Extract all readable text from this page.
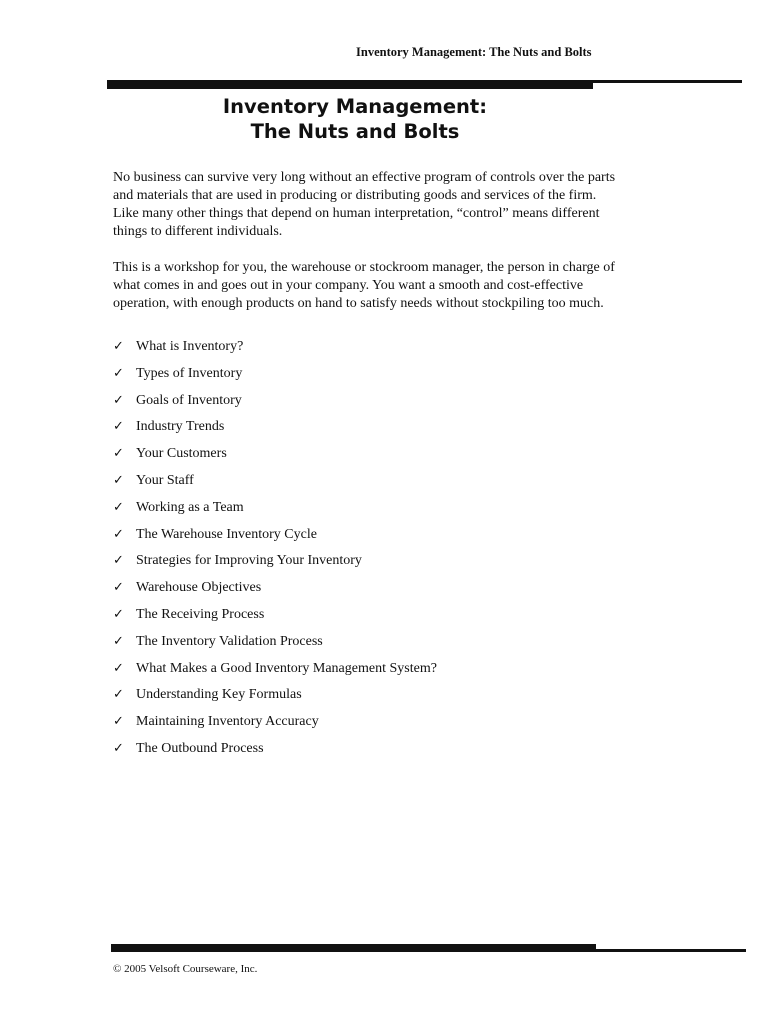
Inventory Management: The Nuts and Bolts
Inventory Management:
The Nuts and Bolts

No business can survive very long without an effective program of controls over the parts
and materials that are used in producing or distributing goods and services of the firm.
Like many other things that depend on human interpretation, “control” means different
things to different individuals.

This is a workshop for you, the warehouse or stockroom manager, the person in charge of
what comes in and goes out in your company. You want a smooth and cost-effective
operation, with enough products on hand to satisfy needs without stockpiling too much.

✓ What is Inventory?
✓ Types of Inventory
✓ Goals of Inventory
✓ Industry Trends
✓ Your Customers
✓ Your Staff
✓ Working as a Team
✓ The Warehouse Inventory Cycle
✓ Strategies for Improving Your Inventory
✓ Warehouse Objectives
✓ The Receiving Process
✓ The Inventory Validation Process
✓ What Makes a Good Inventory Management System?
✓ Understanding Key Formulas
✓ Maintaining Inventory Accuracy
✓ The Outbound Process
© 2005 Velsoft Courseware, Inc.
